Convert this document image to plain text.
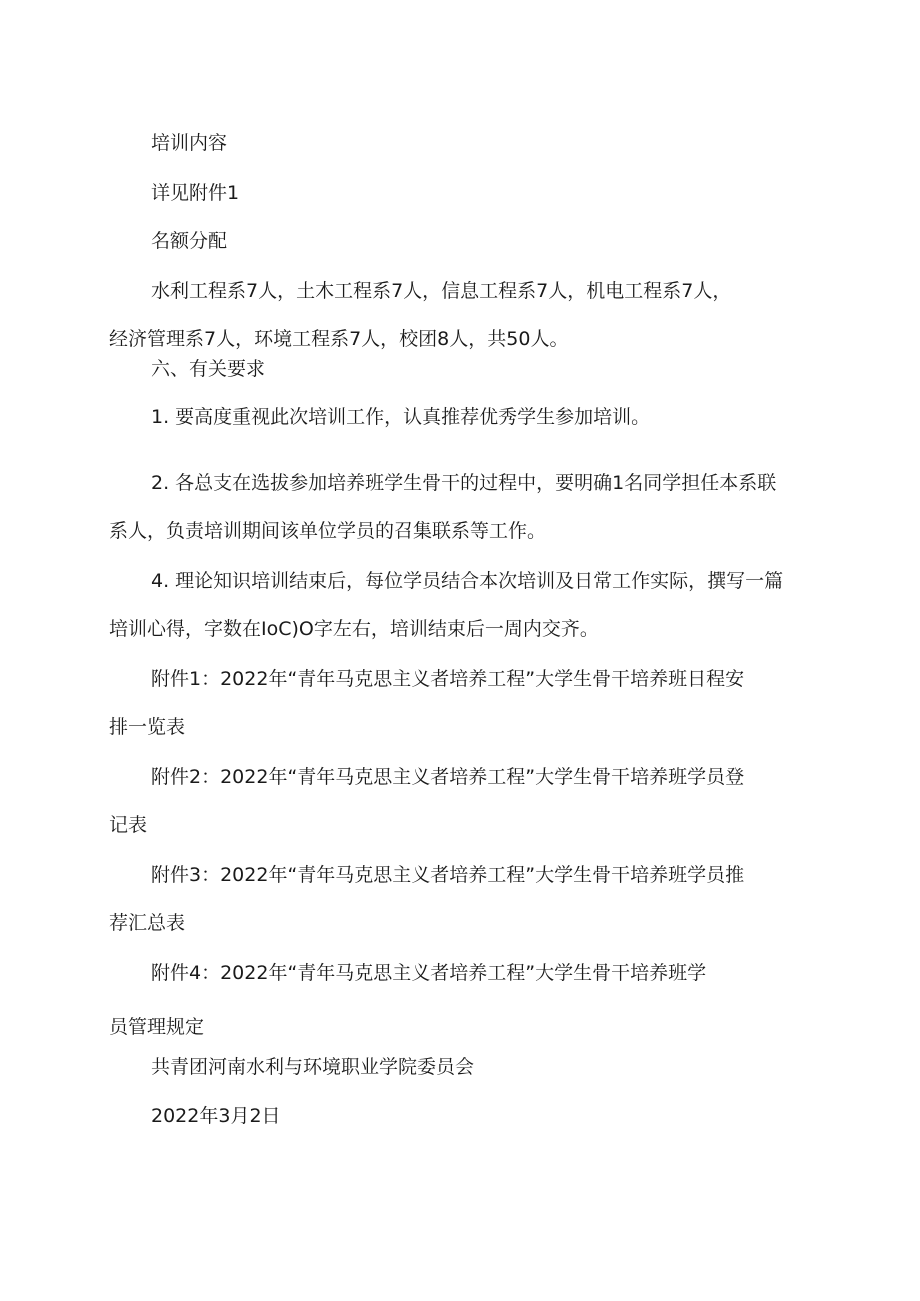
培训内容
详见附件1
名额分配
水利工程系7人，土木工程系7人，信息工程系7人，机电工程系7人，
经济管理系7人，环境工程系7人，校团8人，共50人。
六、有关要求
1. 要高度重视此次培训工作，认真推荐优秀学生参加培训。
2. 各总支在选拔参加培养班学生骨干的过程中，要明确1名同学担任本系联
系人，负责培训期间该单位学员的召集联系等工作。
4. 理论知识培训结束后，每位学员结合本次培训及日常工作实际，撰写一篇
培训心得，字数在IoC)O字左右，培训结束后一周内交齐。
附件1：2022年“青年马克思主义者培养工程”大学生骨干培养班日程安
排一览表
附件2：2022年“青年马克思主义者培养工程”大学生骨干培养班学员登
记表
附件3：2022年“青年马克思主义者培养工程”大学生骨干培养班学员推
荐汇总表
附件4：2022年“青年马克思主义者培养工程”大学生骨干培养班学
员管理规定
共青团河南水利与环境职业学院委员会
2022年3月2日
